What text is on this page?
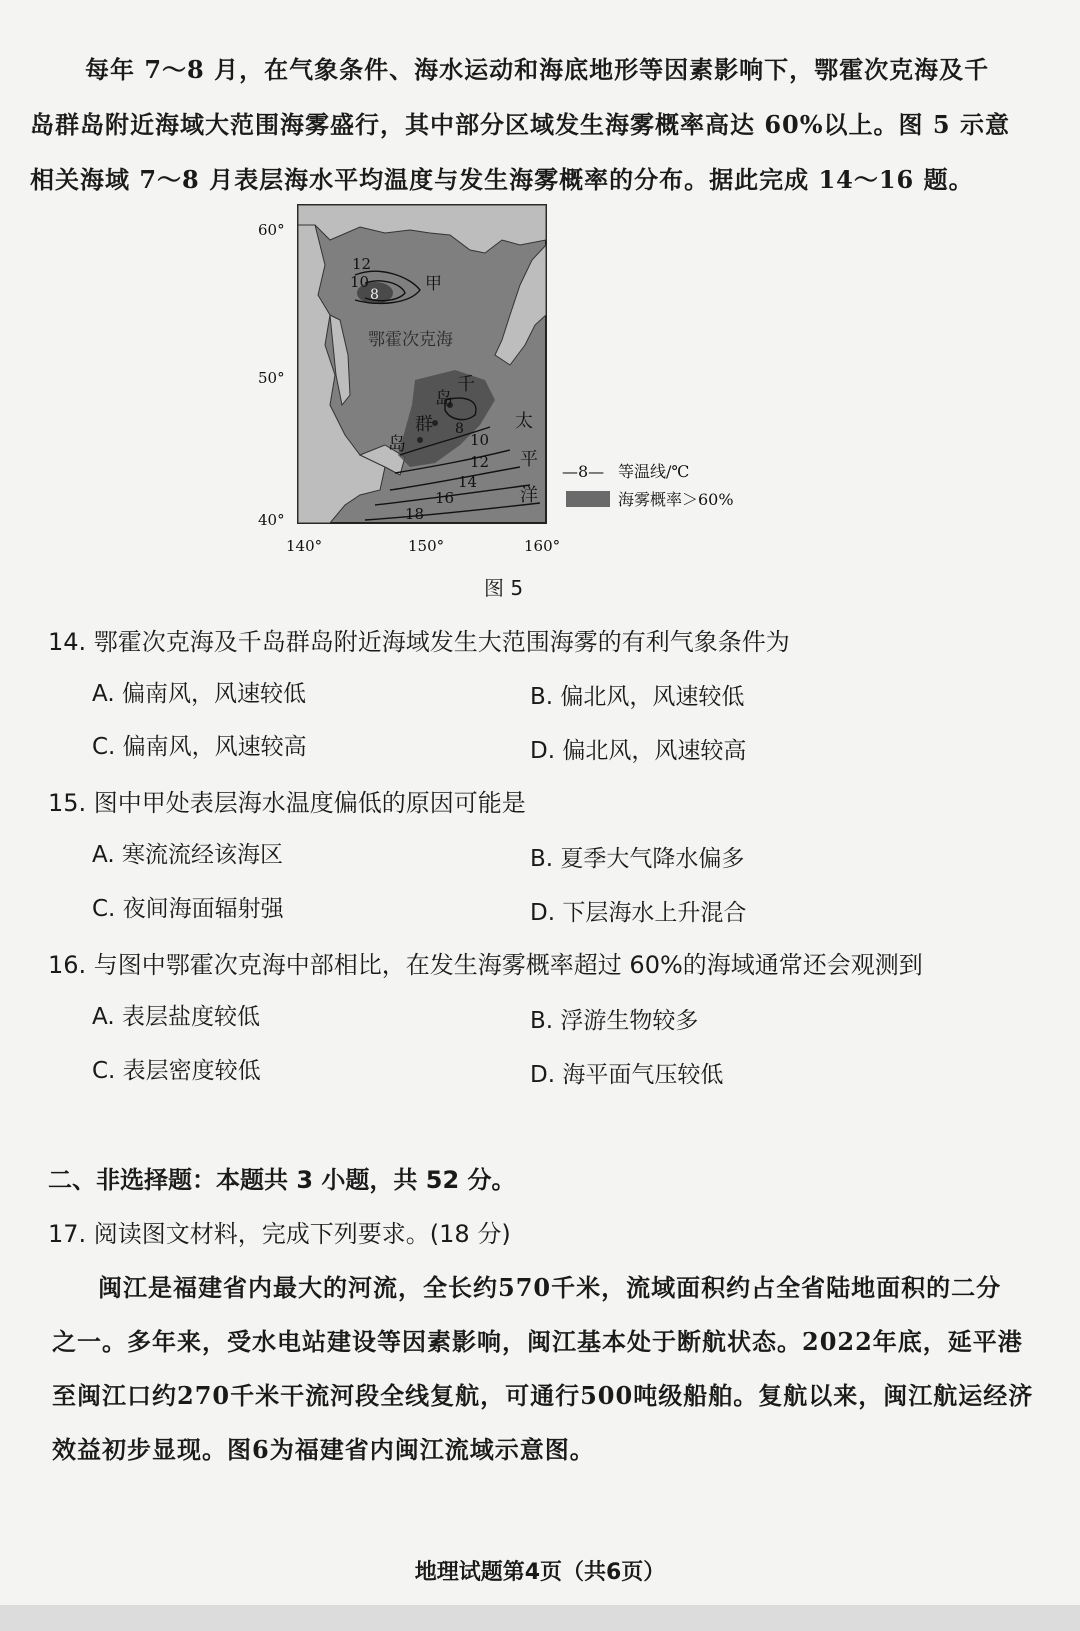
每年 7～8 月，在气象条件、海水运动和海底地形等因素影响下，鄂霍次克海及千
岛群岛附近海域大范围海雾盛行，其中部分区域发生海雾概率高达 60%以上。图 5 示意
相关海域 7～8 月表层海水平均温度与发生海雾概率的分布。据此完成 14～16 题。
12
10
8
8
10
12
14
16
18
甲
鄂霍次克海
千
岛
群
岛
太
平
洋
60°
50°
40°
140°	150°	160°
—8— 等温线/℃
海雾概率＞60%
图 5
14. 鄂霍次克海及千岛群岛附近海域发生大范围海雾的有利气象条件为
A. 偏南风，风速较低	B. 偏北风，风速较低
C. 偏南风，风速较高	D. 偏北风，风速较高
15. 图中甲处表层海水温度偏低的原因可能是
A. 寒流流经该海区	B. 夏季大气降水偏多
C. 夜间海面辐射强	D. 下层海水上升混合
16. 与图中鄂霍次克海中部相比，在发生海雾概率超过 60%的海域通常还会观测到
A. 表层盐度较低	B. 浮游生物较多
C. 表层密度较低	D. 海平面气压较低
二、非选择题：本题共 3 小题，共 52 分。
17. 阅读图文材料，完成下列要求。(18 分)
闽江是福建省内最大的河流，全长约570千米，流域面积约占全省陆地面积的二分
之一。多年来，受水电站建设等因素影响，闽江基本处于断航状态。2022年底，延平港
至闽江口约270千米干流河段全线复航，可通行500吨级船舶。复航以来，闽江航运经济
效益初步显现。图6为福建省内闽江流域示意图。
地理试题第4页（共6页）
